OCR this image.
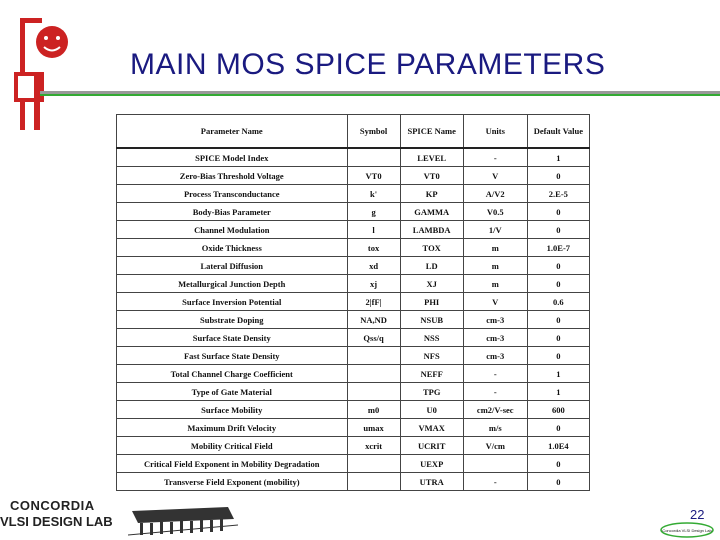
MAIN MOS SPICE PARAMETERS
Parameter Name	Symbol	SPICE Name	Units	Default Value
SPICE Model Index		LEVEL	-	1
Zero-Bias Threshold Voltage	VT0	VT0	V	0
Process Transconductance	k'	KP	A/V2	2.E-5
Body-Bias Parameter	g	GAMMA	V0.5	0
Channel Modulation	l	LAMBDA	1/V	0
Oxide Thickness	tox	TOX	m	1.0E-7
Lateral Diffusion	xd	LD	m	0
Metallurgical Junction Depth	xj	XJ	m	0
Surface Inversion Potential	2|fF|	PHI	V	0.6
Substrate Doping	NA,ND	NSUB	cm-3	0
Surface State Density	Qss/q	NSS	cm-3	0
Fast Surface State Density		NFS	cm-3	0
Total Channel Charge Coefficient		NEFF	-	1
Type of Gate Material		TPG	-	1
Surface Mobility	m0	U0	cm2/V-sec	600
Maximum Drift Velocity	umax	VMAX	m/s	0
Mobility Critical Field	xcrit	UCRIT	V/cm	1.0E4
Critical Field Exponent in Mobility Degradation		UEXP		0
Transverse Field Exponent (mobility)		UTRA	-	0
CONCORDIA
VLSI DESIGN LAB	22
Concordia VLSI Design Lab
